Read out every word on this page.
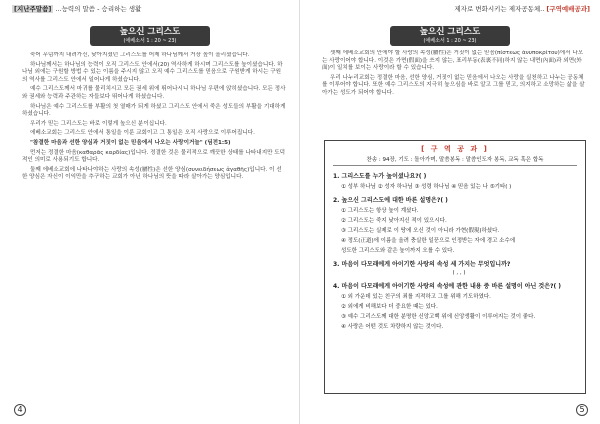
[지난주말씀] ...능력의 말씀 - 승리하는 생활
높으신 그리스도
(에베소서 1 : 20 ~ 23)

죽어 무덤까지 내려가신, 낮아지셨던 그리스도를 어제 하나님께서 거장 높이 올리셨습니다.

하나님께서는 하나님의 능력이 오직 그리스도 안에서(20) 역사하게 하시며 그리스도를 높이셨습니다. 하나님 외에는 구원할 방법 수 있는 이름을 주시지 않고 오직 예수 그리스도를 믿음으로 구원받게 하시는 구원의 역사를 그리스도 안에서 일어나게 하셨습니다.

예수 그리스도께서 마귀를 물리치시고 모든 권세 위에 뛰어나시니 하나님 우편에 앉히셨습니다. 모든 정사와 권세와 능력과 주관하는 자들보다 뛰어나게 하셨습니다.

하나님은 예수 그리스도를 부활의 첫 열매가 되게 하셨고 그리스도 안에서 죽은 성도들의 부활을 기대하게 하셨습니다.

우리가 믿는 그리스도는 바로 이렇게 높으신 분이십니다.

에베소교회는 그리스도 안에서 통일을 이룬 교회이고 그 통일은 오직 사랑으로 이루어집니다.

"참결한 마음과 선한 양심과 거짓이 없는 믿음에서 나오는 사랑이거늘" (딤전1:5)

먼저는 정결한 마음(καθαρᾶς καρδίας)입니다. 정결한 것은 물리적으로 깨끗한 상태를 나타내지만 도덕적인 의미로 사용되기도 합니다.

둘째 에베소교회에 나타나야하는 사랑의 속성(屬性)은 선한 양심(συνειδήσεως ἀγαθῆς)입니다. 이 선한 양심은 자신이 이익만을 추구하는 교회가 아닌 하나님의 뜻을 따라 살아가는 양심입니다.

4
제자로 변화시키는 제자공동체.. [구역예배공과]
높으신 그리스도
(에베소서 1 : 20 ~ 23)

셋째 에베소교회의 안에야 할 사랑의 속성(屬性)은 거짓이 없는 믿음(πίστεως ἀνυποκρίτου)에서 나오는 사랑이어야 합니다. 이것은 가면(假面)을 쓰지 않는, 표리부동(表裏不同)하지 않는 내면(內面)과 외면(外面)이 일치를 보이는 사랑이라 할 수 있습니다.

우리 나누리교회는 정결한 마음, 선한 양심, 거짓이 없는 믿음에서 나오는 사랑을 실천하고 나누는 공동체를 이루어야 합니다. 또한 예수 그리스도의 지극히 높으심을 바로 알고 그를 믿고, 의지하고 소망하는 삶을 살아가는 성도가 되어야 합니다.

[ 구 역 공 과 ]
찬송 : 94장, 기도 : 돌아가며, 말씀봉독 : 말씀인도자 봉독, 교독 혹은 합독
1. 그리스도를 누가 높이셨나요?( )
① 성부 하나님 ② 성자 하나님 ③ 성령 하나님 ④ 믿음 있는 나 ⑤기타( )
2. 높으신 그리스도에 대한 바른 설명은?( )
① 그리스도는 항상 높이 계셨다.
② 그리스도는 죽지 낮아지신 적이 있으시다.
③ 그리스도는 실제로 이 땅에 오신 것이 아니라 가현(假現)하셨다.
④ 정도(正道)에 이름을 올려 충실한 일꾼으로 인정받는 자에 경고 소수에
성도한 그리스도와 같은 높이까지 오를 수 있다.
3. 마음이 다모래에게 아이기한 사랑의 속성 세 가지는 무엇입니까?
( , , )
4. 마음이 다모래에게 아이기한 사랑의 속성에 관한 내용 중 바른 설명이 아닌 것은?( )
① 외 가운데 있는 친구의 죄를 지적하고 그를 위해 기도하였다.
② 외에게 비해보다 더 중요한 때는 있다.
③ 예수 그리스도께 대한 분명한 신앙고백 위에 신앙생활이 이루어지는 것이 좋다.
④ 사랑은 어떤 것도 차량하지 않는 것이다.
5
